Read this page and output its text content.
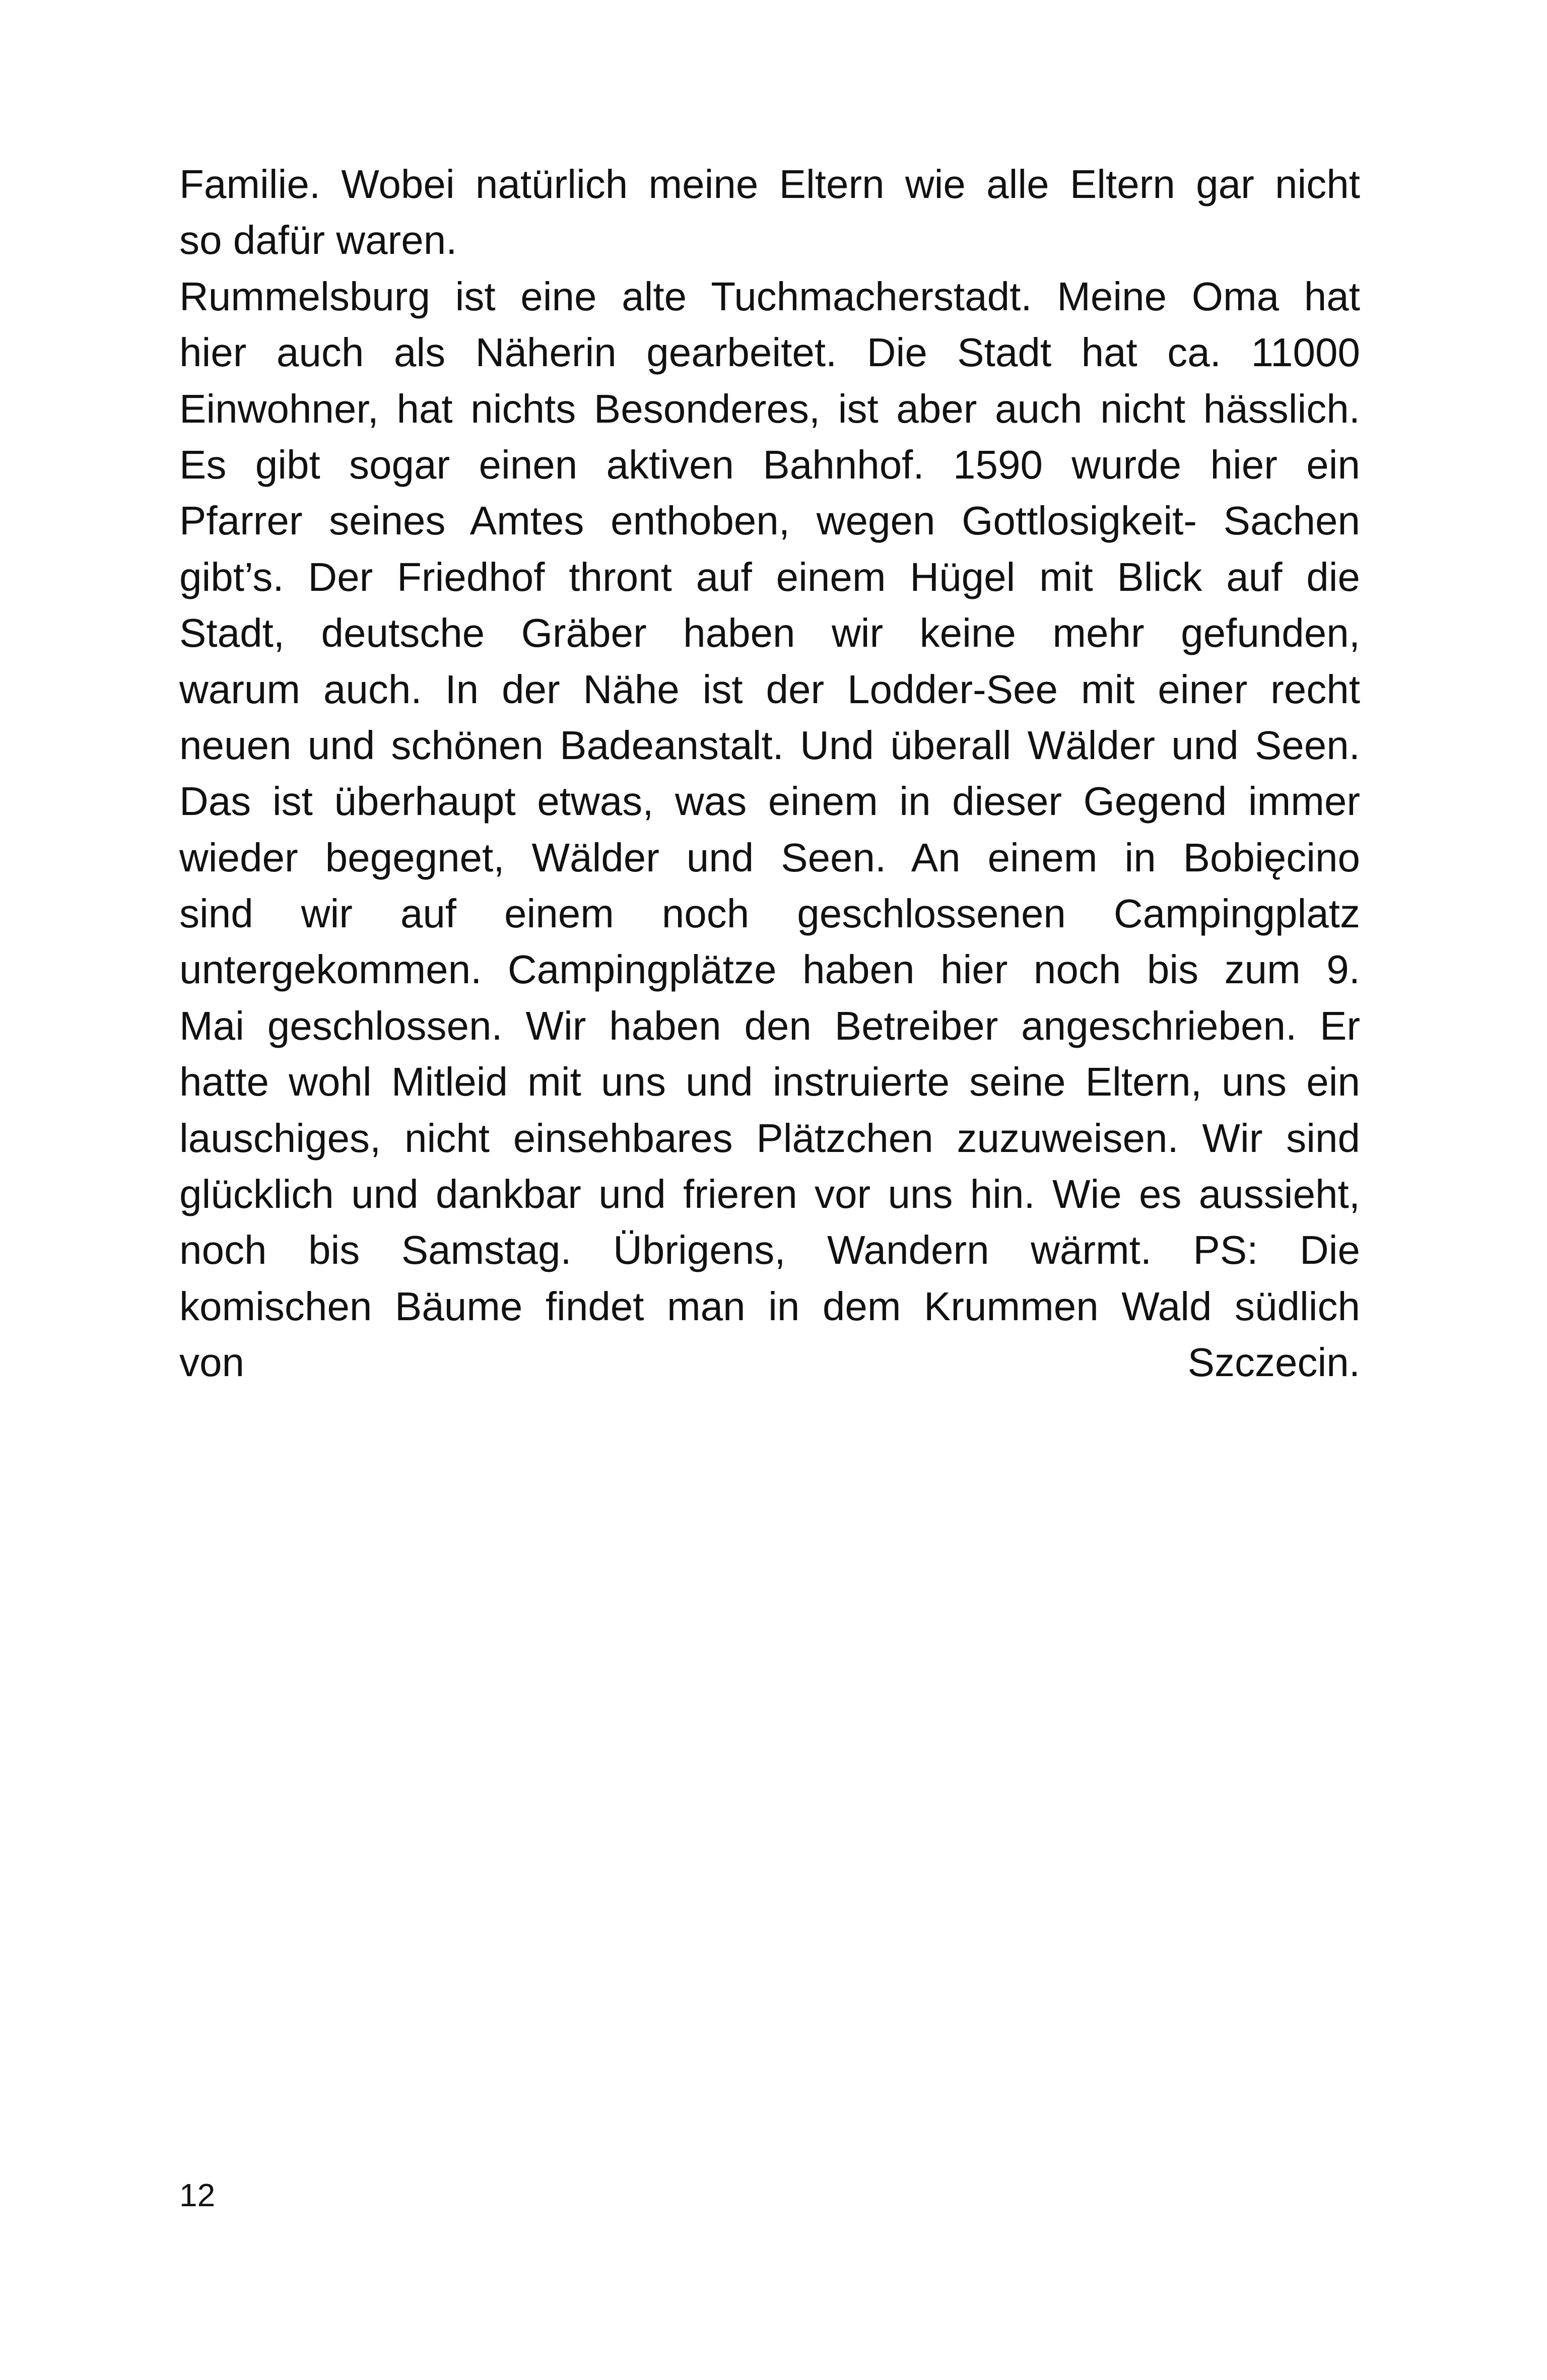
Familie. Wobei natürlich meine Eltern wie alle Eltern gar nicht
so dafür waren.
Rummelsburg ist eine alte Tuchmacherstadt. Meine Oma hat
hier auch als Näherin gearbeitet. Die Stadt hat ca. 11000
Einwohner, hat nichts Besonderes, ist aber auch nicht hässlich.
Es gibt sogar einen aktiven Bahnhof. 1590 wurde hier ein
Pfarrer seines Amtes enthoben, wegen Gottlosigkeit- Sachen
gibt’s. Der Friedhof thront auf einem Hügel mit Blick auf die
Stadt, deutsche Gräber haben wir keine mehr gefunden,
warum auch. In der Nähe ist der Lodder-See mit einer recht
neuen und schönen Badeanstalt. Und überall Wälder und Seen.
Das ist überhaupt etwas, was einem in dieser Gegend immer
wieder begegnet, Wälder und Seen. An einem in Bobięcino
sind wir auf einem noch geschlossenen Campingplatz
untergekommen. Campingplätze haben hier noch bis zum 9.
Mai geschlossen. Wir haben den Betreiber angeschrieben. Er
hatte wohl Mitleid mit uns und instruierte seine Eltern, uns ein
lauschiges, nicht einsehbares Plätzchen zuzuweisen. Wir sind
glücklich und dankbar und frieren vor uns hin. Wie es aussieht,
noch bis Samstag. Übrigens, Wandern wärmt. PS: Die
komischen Bäume findet man in dem Krummen Wald südlich
von Szczecin.
12
